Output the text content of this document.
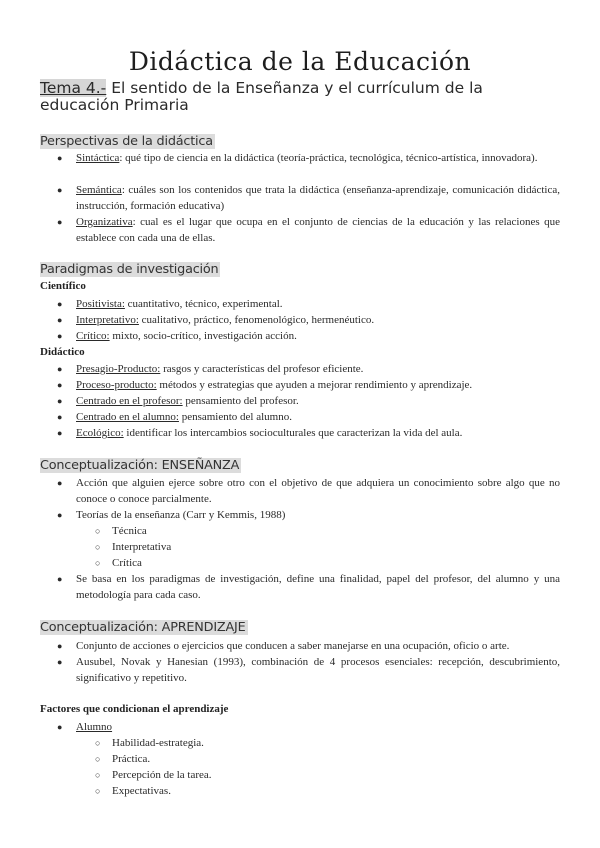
Didáctica de la Educación
Tema 4.- El sentido de la Enseñanza y el currículum de la educación Primaria
Perspectivas de la didáctica
● Sintáctica: qué tipo de ciencia en la didáctica (teoría-práctica, tecnológica, técnico-artística, innovadora).
● Semántica: cuáles son los contenidos que trata la didáctica (enseñanza-aprendizaje, comunicación didáctica, instrucción, formación educativa)
● Organizativa: cual es el lugar que ocupa en el conjunto de ciencias de la educación y las relaciones que establece con cada una de ellas.
Paradigmas de investigación
Científico
● Positivista: cuantitativo, técnico, experimental.
● Interpretativo: cualitativo, práctico, fenomenológico, hermenéutico.
● Crítico: mixto, socio-crítico, investigación acción.
Didáctico
● Presagio-Producto: rasgos y características del profesor eficiente.
● Proceso-producto: métodos y estrategias que ayuden a mejorar rendimiento y aprendizaje.
● Centrado en el profesor: pensamiento del profesor.
● Centrado en el alumno: pensamiento del alumno.
● Ecológico: identificar los intercambios socioculturales que caracterizan la vida del aula.
Conceptualización: ENSEÑANZA
● Acción que alguien ejerce sobre otro con el objetivo de que adquiera un conocimiento sobre algo que no conoce o conoce parcialmente.
● Teorías de la enseñanza (Carr y Kemmis, 1988)
○ Técnica
○ Interpretativa
○ Crítica
● Se basa en los paradigmas de investigación, define una finalidad, papel del profesor, del alumno y una metodología para cada caso.
Conceptualización: APRENDIZAJE
● Conjunto de acciones o ejercicios que conducen a saber manejarse en una ocupación, oficio o arte.
● Ausubel, Novak y Hanesian (1993), combinación de 4 procesos esenciales: recepción, descubrimiento, significativo y repetitivo.
Factores que condicionan el aprendizaje
● Alumno
○ Habilidad-estrategia.
○ Práctica.
○ Percepción de la tarea.
○ Expectativas.
